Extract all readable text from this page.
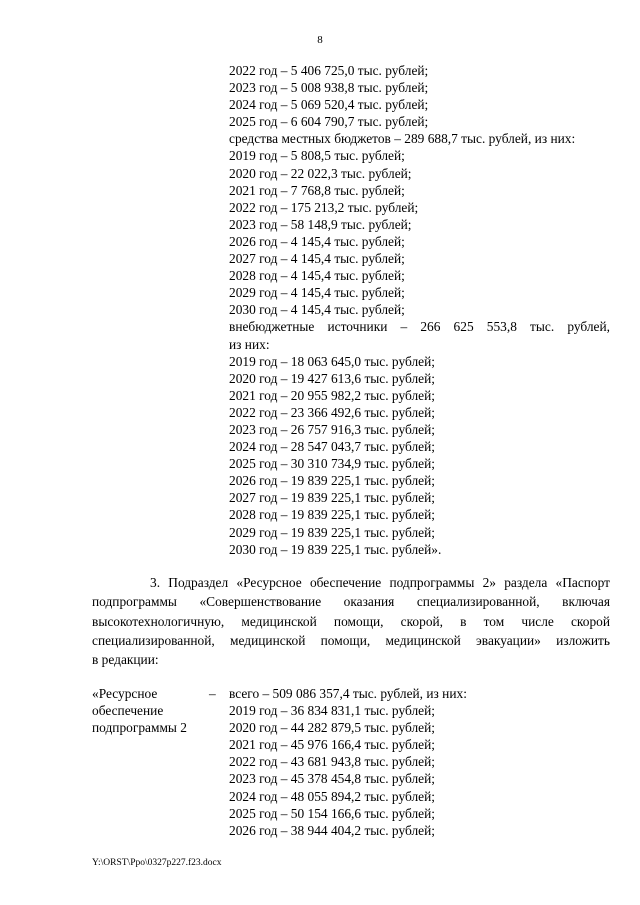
8
2022 год – 5 406 725,0 тыс. рублей;
2023 год – 5 008 938,8 тыс. рублей;
2024 год – 5 069 520,4 тыс. рублей;
2025 год – 6 604 790,7 тыс. рублей;
средства местных бюджетов – 289 688,7 тыс. рублей, из них:
2019 год – 5 808,5 тыс. рублей;
2020 год – 22 022,3 тыс. рублей;
2021 год – 7 768,8 тыс. рублей;
2022 год – 175 213,2 тыс. рублей;
2023 год – 58 148,9 тыс. рублей;
2026 год – 4 145,4 тыс. рублей;
2027 год – 4 145,4 тыс. рублей;
2028 год – 4 145,4 тыс. рублей;
2029 год – 4 145,4 тыс. рублей;
2030 год – 4 145,4 тыс. рублей;
внебюджетные источники – 266 625 553,8 тыс. рублей,
из них:
2019 год – 18 063 645,0 тыс. рублей;
2020 год – 19 427 613,6 тыс. рублей;
2021 год – 20 955 982,2 тыс. рублей;
2022 год – 23 366 492,6 тыс. рублей;
2023 год – 26 757 916,3 тыс. рублей;
2024 год – 28 547 043,7 тыс. рублей;
2025 год – 30 310 734,9 тыс. рублей;
2026 год – 19 839 225,1 тыс. рублей;
2027 год – 19 839 225,1 тыс. рублей;
2028 год – 19 839 225,1 тыс. рублей;
2029 год – 19 839 225,1 тыс. рублей;
2030 год – 19 839 225,1 тыс. рублей».
3. Подраздел «Ресурсное обеспечение подпрограммы 2» раздела «Паспорт
подпрограммы «Совершенствование оказания специализированной, включая
высокотехнологичную, медицинской помощи, скорой, в том числе скорой
специализированной, медицинской помощи, медицинской эвакуации» изложить
в редакции:
«Ресурсное
обеспечение
подпрограммы 2
– всего – 509 086 357,4 тыс. рублей, из них:
2019 год – 36 834 831,1 тыс. рублей;
2020 год – 44 282 879,5 тыс. рублей;
2021 год – 45 976 166,4 тыс. рублей;
2022 год – 43 681 943,8 тыс. рублей;
2023 год – 45 378 454,8 тыс. рублей;
2024 год – 48 055 894,2 тыс. рублей;
2025 год – 50 154 166,6 тыс. рублей;
2026 год – 38 944 404,2 тыс. рублей;
Y:\ORST\Ppo\0327p227.f23.docx
